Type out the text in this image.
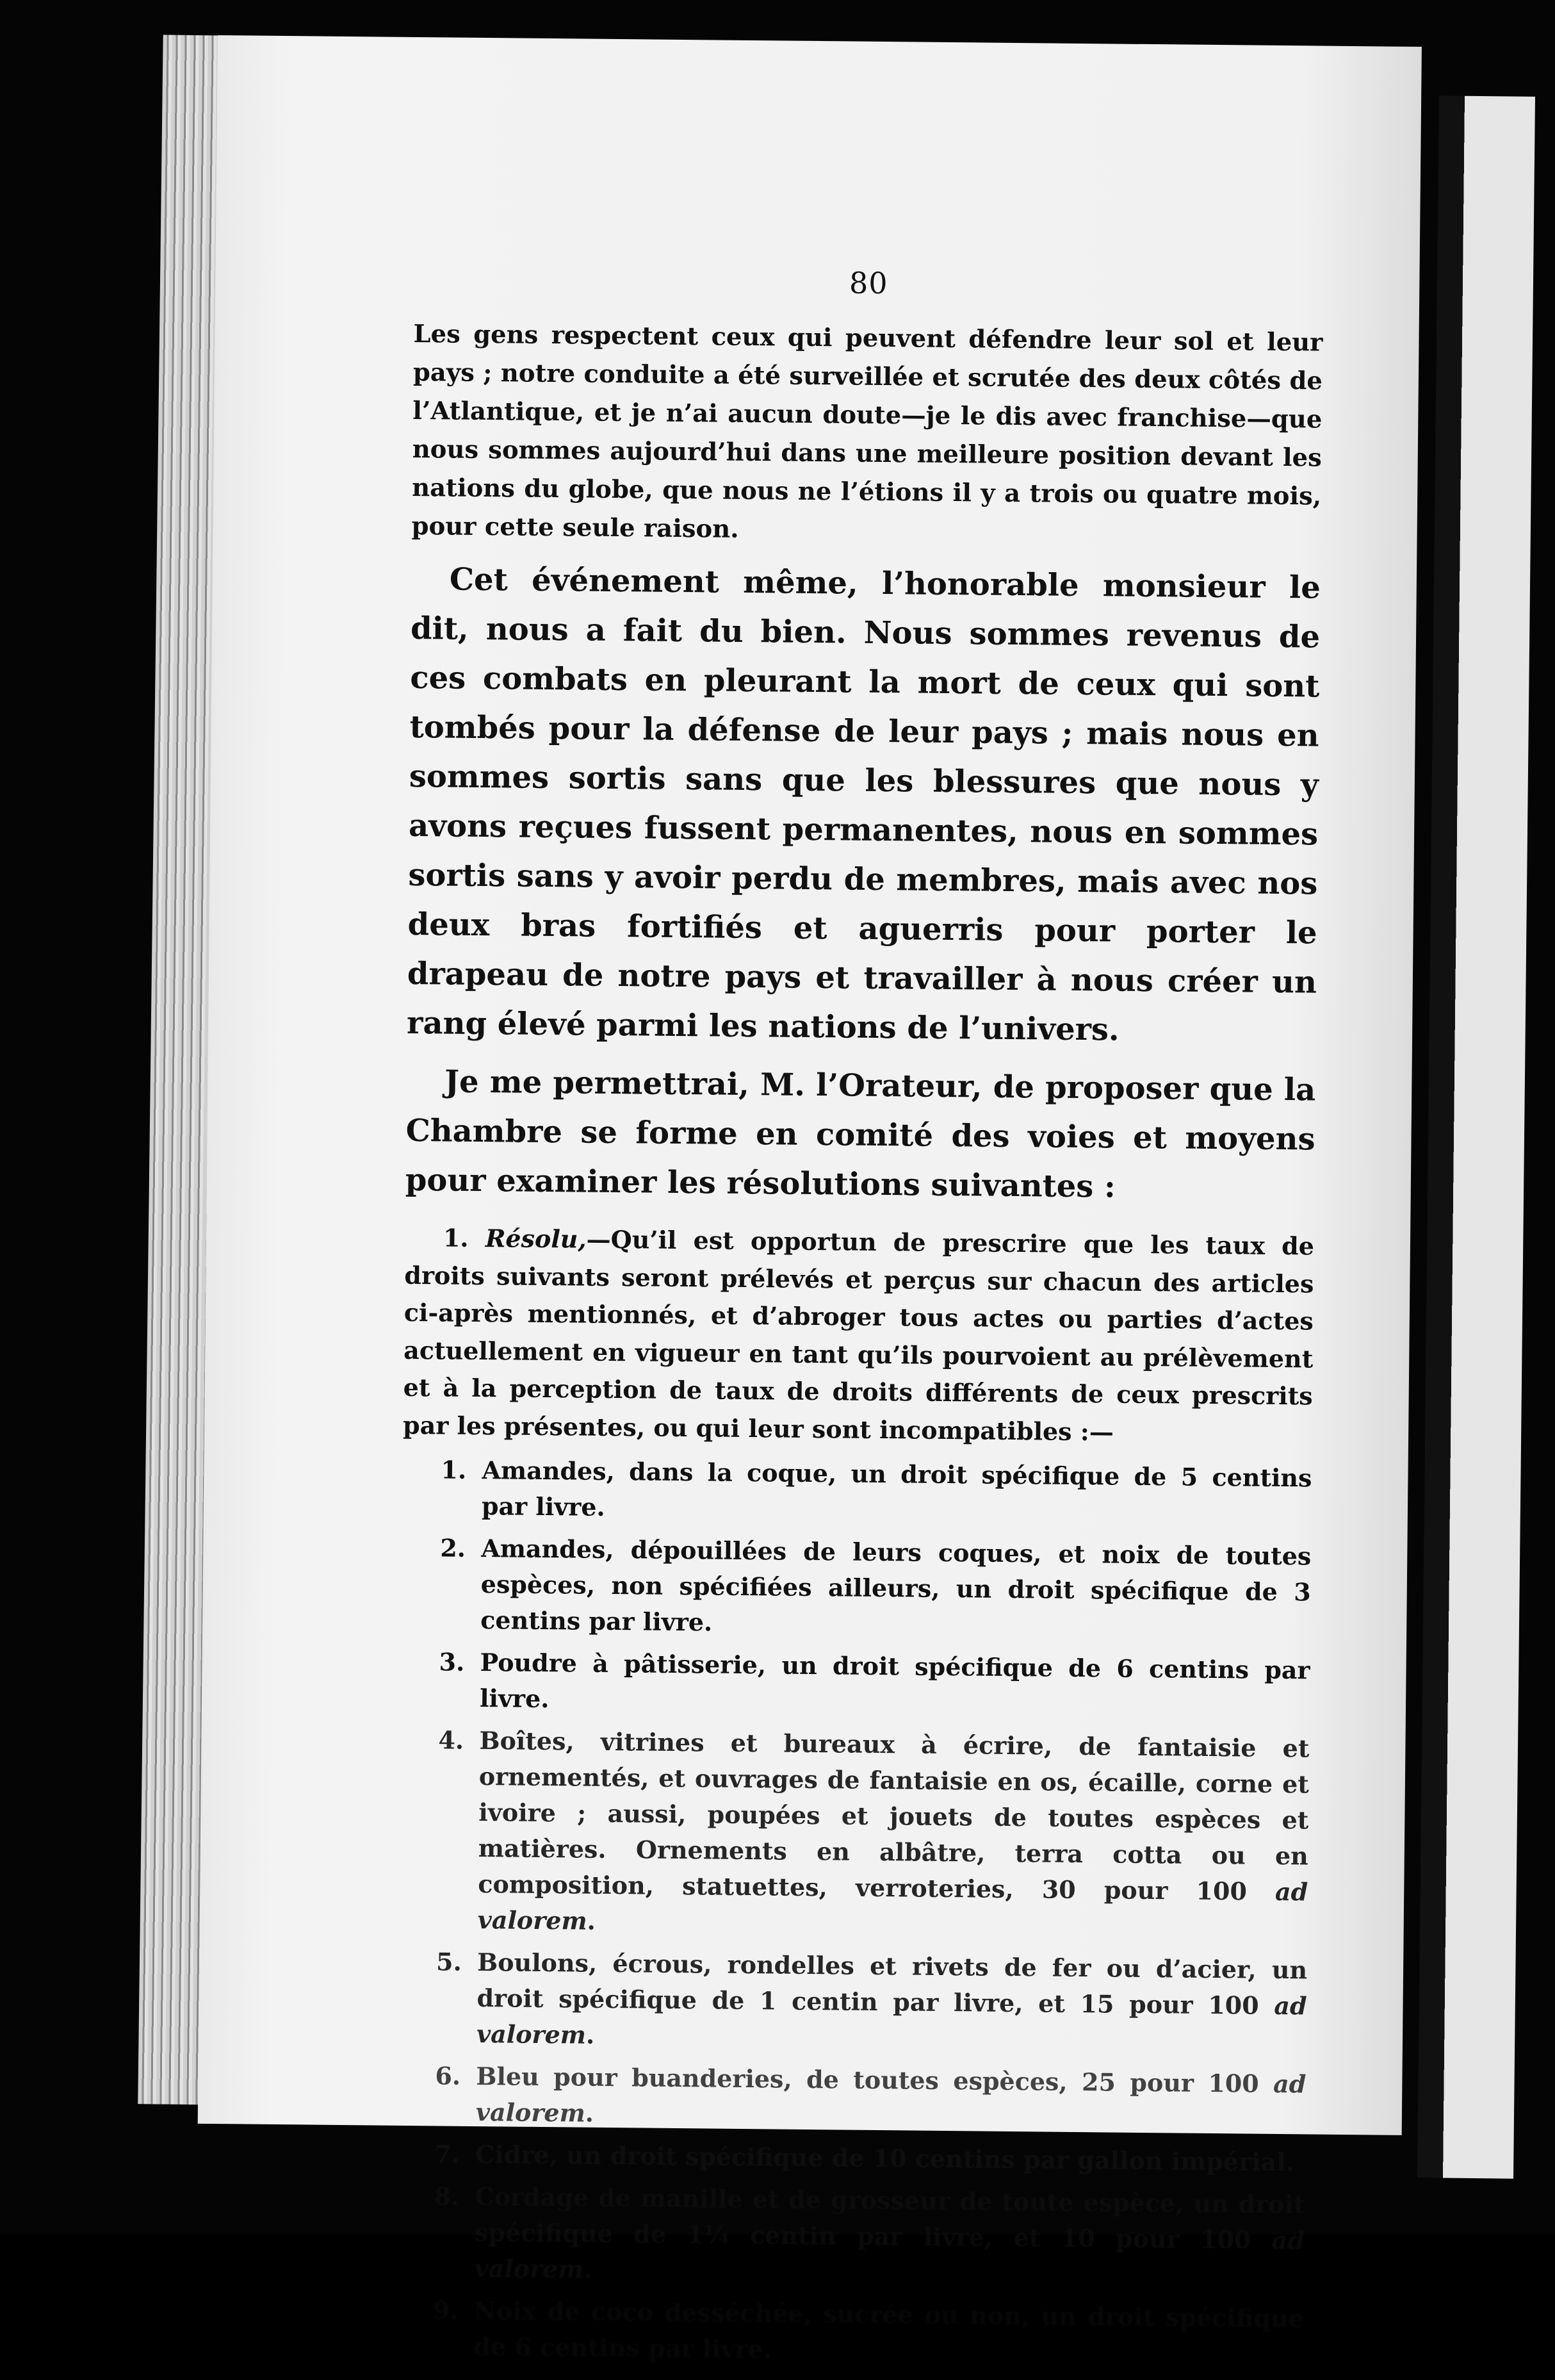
80

Les gens respectent ceux qui peuvent défendre leur sol et leur pays ; notre conduite a été surveillée et scrutée des deux côtés de l’Atlantique, et je n’ai aucun doute—je le dis avec franchise—que nous sommes aujourd’hui dans une meilleure position devant les nations du globe, que nous ne l’étions il y a trois ou quatre mois, pour cette seule raison.

Cet événement même, l’honorable monsieur le dit, nous a fait du bien. Nous sommes revenus de ces combats en pleurant la mort de ceux qui sont tombés pour la défense de leur pays ; mais nous en sommes sortis sans que les blessures que nous y avons reçues fussent permanentes, nous en sommes sortis sans y avoir perdu de membres, mais avec nos deux bras fortifiés et aguerris pour porter le drapeau de notre pays et travailler à nous créer un rang élevé parmi les nations de l’univers.

Je me permettrai, M. l’Orateur, de proposer que la Chambre se forme en comité des voies et moyens pour examiner les résolutions suivantes :

1. Résolu,—Qu’il est opportun de prescrire que les taux de droits suivants seront prélevés et perçus sur chacun des articles ci-après mentionnés, et d’abroger tous actes ou parties d’actes actuellement en vigueur en tant qu’ils pourvoient au prélèvement et à la perception de taux de droits différents de ceux prescrits par les présentes, ou qui leur sont incompatibles :—

1. Amandes, dans la coque, un droit spécifique de 5 centins par livre.
2. Amandes, dépouillées de leurs coques, et noix de toutes espèces, non spécifiées ailleurs, un droit spécifique de 3 centins par livre.
3. Poudre à pâtisserie, un droit spécifique de 6 centins par livre.
4. Boîtes, vitrines et bureaux à écrire, de fantaisie et ornementés, et ouvrages de fantaisie en os, écaille, corne et ivoire ; aussi, poupées et jouets de toutes espèces et matières. Ornements en albâtre, terra cotta ou en composition, statuettes, verroteries, 30 pour 100 ad valorem.
5. Boulons, écrous, rondelles et rivets de fer ou d’acier, un droit spécifique de 1 centin par livre, et 15 pour 100 ad valorem.
6. Bleu pour buanderies, de toutes espèces, 25 pour 100 ad valorem.
7. Cidre, un droit spécifique de 10 centins par gallon impérial.
8. Cordage de manille et de grosseur de toute espèce, un droit spécifique de 1¼ centin par livre, et 10 pour 100 ad valorem.
9. Noix de coco desséchée, sucrée ou non, un droit spécifique de 6 centins par livre.
